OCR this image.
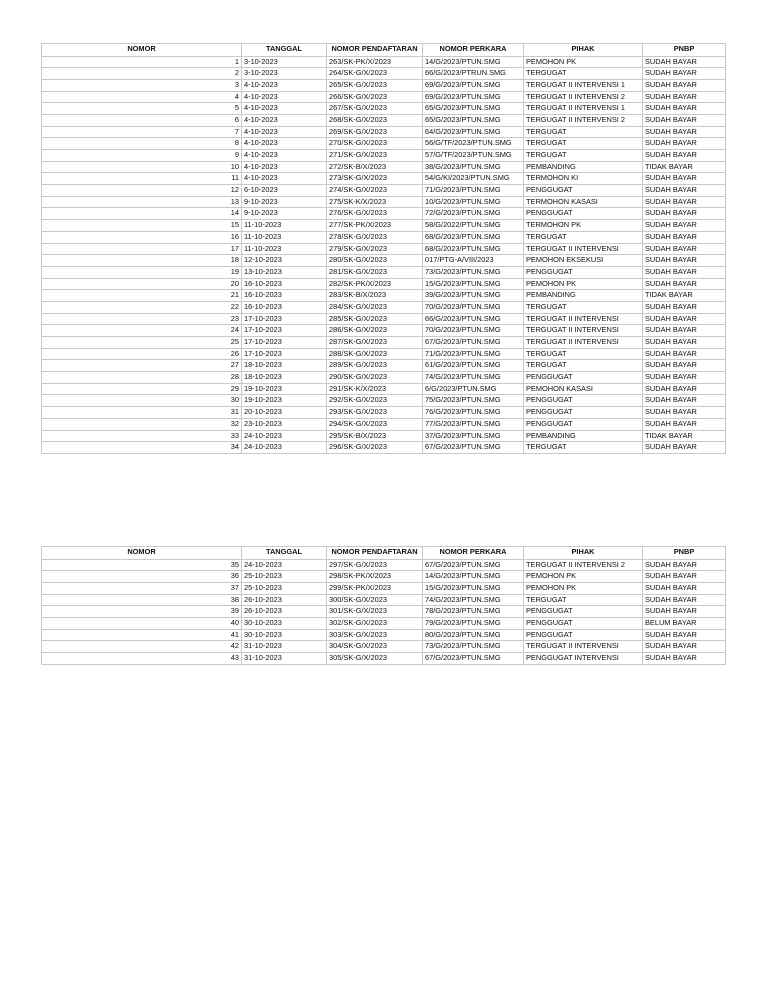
NOMOR	TANGGAL	NOMOR PENDAFTARAN	NOMOR PERKARA	PIHAK	PNBP
1	3-10-2023	263/SK-PK/X/2023	14/G/2023/PTUN.SMG	PEMOHON PK	SUDAH BAYAR
2	3-10-2023	264/SK-G/X/2023	66/G/2023/PTRUN.SMG	TERGUGAT	SUDAH BAYAR
3	4-10-2023	265/SK-G/X/2023	69/G/2023/PTUN.SMG	TERGUGAT II INTERVENSI 1	SUDAH BAYAR
4	4-10-2023	266/SK-G/X/2023	69/G/2023/PTUN.SMG	TERGUGAT II INTERVENSI 2	SUDAH BAYAR
5	4-10-2023	267/SK-G/X/2023	65/G/2023/PTUN.SMG	TERGUGAT II INTERVENSI 1	SUDAH BAYAR
6	4-10-2023	268/SK-G/X/2023	65/G/2023/PTUN.SMG	TERGUGAT II INTERVENSI 2	SUDAH BAYAR
7	4-10-2023	269/SK-G/X/2023	64/G/2023/PTUN.SMG	TERGUGAT	SUDAH BAYAR
8	4-10-2023	270/SK-G/X/2023	56/G/TF/2023/PTUN.SMG	TERGUGAT	SUDAH BAYAR
9	4-10-2023	271/SK-G/X/2023	57/G/TF/2023/PTUN.SMG	TERGUGAT	SUDAH BAYAR
10	4-10-2023	272/SK-B/X/2023	38/G/2023/PTUN.SMG	PEMBANDING	TIDAK BAYAR
11	4-10-2023	273/SK-G/X/2023	54/G/KI/2023/PTUN.SMG	TERMOHON KI	SUDAH BAYAR
12	6-10-2023	274/SK-G/X/2023	71/G/2023/PTUN.SMG	PENGGUGAT	SUDAH BAYAR
13	9-10-2023	275/SK-K/X/2023	10/G/2023/PTUN.SMG	TERMOHON KASASI	SUDAH BAYAR
14	9-10-2023	276/SK-G/X/2023	72/G/2023/PTUN.SMG	PENGGUGAT	SUDAH BAYAR
15	11-10-2023	277/SK-PK/X/2023	58/G/2022/PTUN.SMG	TERMOHON PK	SUDAH BAYAR
16	11-10-2023	278/SK-G/X/2023	68/G/2023/PTUN.SMG	TERGUGAT	SUDAH BAYAR
17	11-10-2023	279/SK-G/X/2023	68/G/2023/PTUN.SMG	TERGUGAT II INTERVENSI	SUDAH BAYAR
18	12-10-2023	280/SK-G/X/2023	017/PTG-A/VIII/2023	PEMOHON EKSEKUSI	SUDAH BAYAR
19	13-10-2023	281/SK-G/X/2023	73/G/2023/PTUN.SMG	PENGGUGAT	SUDAH BAYAR
20	16-10-2023	282/SK-PK/X/2023	15/G/2023/PTUN.SMG	PEMOHON PK	SUDAH BAYAR
21	16-10-2023	283/SK-B/X/2023	39/G/2023/PTUN.SMG	PEMBANDING	TIDAK BAYAR
22	16-10-2023	284/SK-G/X/2023	70/G/2023/PTUN.SMG	TERGUGAT	SUDAH BAYAR
23	17-10-2023	285/SK-G/X/2023	66/G/2023/PTUN.SMG	TERGUGAT II INTERVENSI	SUDAH BAYAR
24	17-10-2023	286/SK-G/X/2023	70/G/2023/PTUN.SMG	TERGUGAT II INTERVENSI	SUDAH BAYAR
25	17-10-2023	287/SK-G/X/2023	67/G/2023/PTUN.SMG	TERGUGAT II INTERVENSI	SUDAH BAYAR
26	17-10-2023	288/SK-G/X/2023	71/G/2023/PTUN.SMG	TERGUGAT	SUDAH BAYAR
27	18-10-2023	289/SK-G/X/2023	61/G/2023/PTUN.SMG	TERGUGAT	SUDAH BAYAR
28	18-10-2023	290/SK-G/X/2023	74/G/2023/PTUN.SMG	PENGGUGAT	SUDAH BAYAR
29	19-10-2023	291/SK-K/X/2023	6/G/2023/PTUN.SMG	PEMOHON KASASI	SUDAH BAYAR
30	19-10-2023	292/SK-G/X/2023	75/G/2023/PTUN.SMG	PENGGUGAT	SUDAH BAYAR
31	20-10-2023	293/SK-G/X/2023	76/G/2023/PTUN.SMG	PENGGUGAT	SUDAH BAYAR
32	23-10-2023	294/SK-G/X/2023	77/G/2023/PTUN.SMG	PENGGUGAT	SUDAH BAYAR
33	24-10-2023	295/SK-B/X/2023	37/G/2023/PTUN.SMG	PEMBANDING	TIDAK BAYAR
34	24-10-2023	296/SK-G/X/2023	67/G/2023/PTUN.SMG	TERGUGAT	SUDAH BAYAR
NOMOR	TANGGAL	NOMOR PENDAFTARAN	NOMOR PERKARA	PIHAK	PNBP
35	24-10-2023	297/SK-G/X/2023	67/G/2023/PTUN.SMG	TERGUGAT II INTERVENSI 2	SUDAH BAYAR
36	25-10-2023	298/SK-PK/X/2023	14/G/2023/PTUN.SMG	PEMOHON PK	SUDAH BAYAR
37	25-10-2023	299/SK-PK/X/2023	15/G/2023/PTUN.SMG	PEMOHON PK	SUDAH BAYAR
38	26-10-2023	300/SK-G/X/2023	74/G/2023/PTUN.SMG	TERGUGAT	SUDAH BAYAR
39	26-10-2023	301/SK-G/X/2023	78/G/2023/PTUN.SMG	PENGGUGAT	SUDAH BAYAR
40	30-10-2023	302/SK-G/X/2023	79/G/2023/PTUN.SMG	PENGGUGAT	BELUM BAYAR
41	30-10-2023	303/SK-G/X/2023	80/G/2023/PTUN.SMG	PENGGUGAT	SUDAH BAYAR
42	31-10-2023	304/SK-G/X/2023	73/G/2023/PTUN.SMG	TERGUGAT II INTERVENSI	SUDAH BAYAR
43	31-10-2023	305/SK-G/X/2023	67/G/2023/PTUN.SMG	PENGGUGAT INTERVENSI	SUDAH BAYAR
